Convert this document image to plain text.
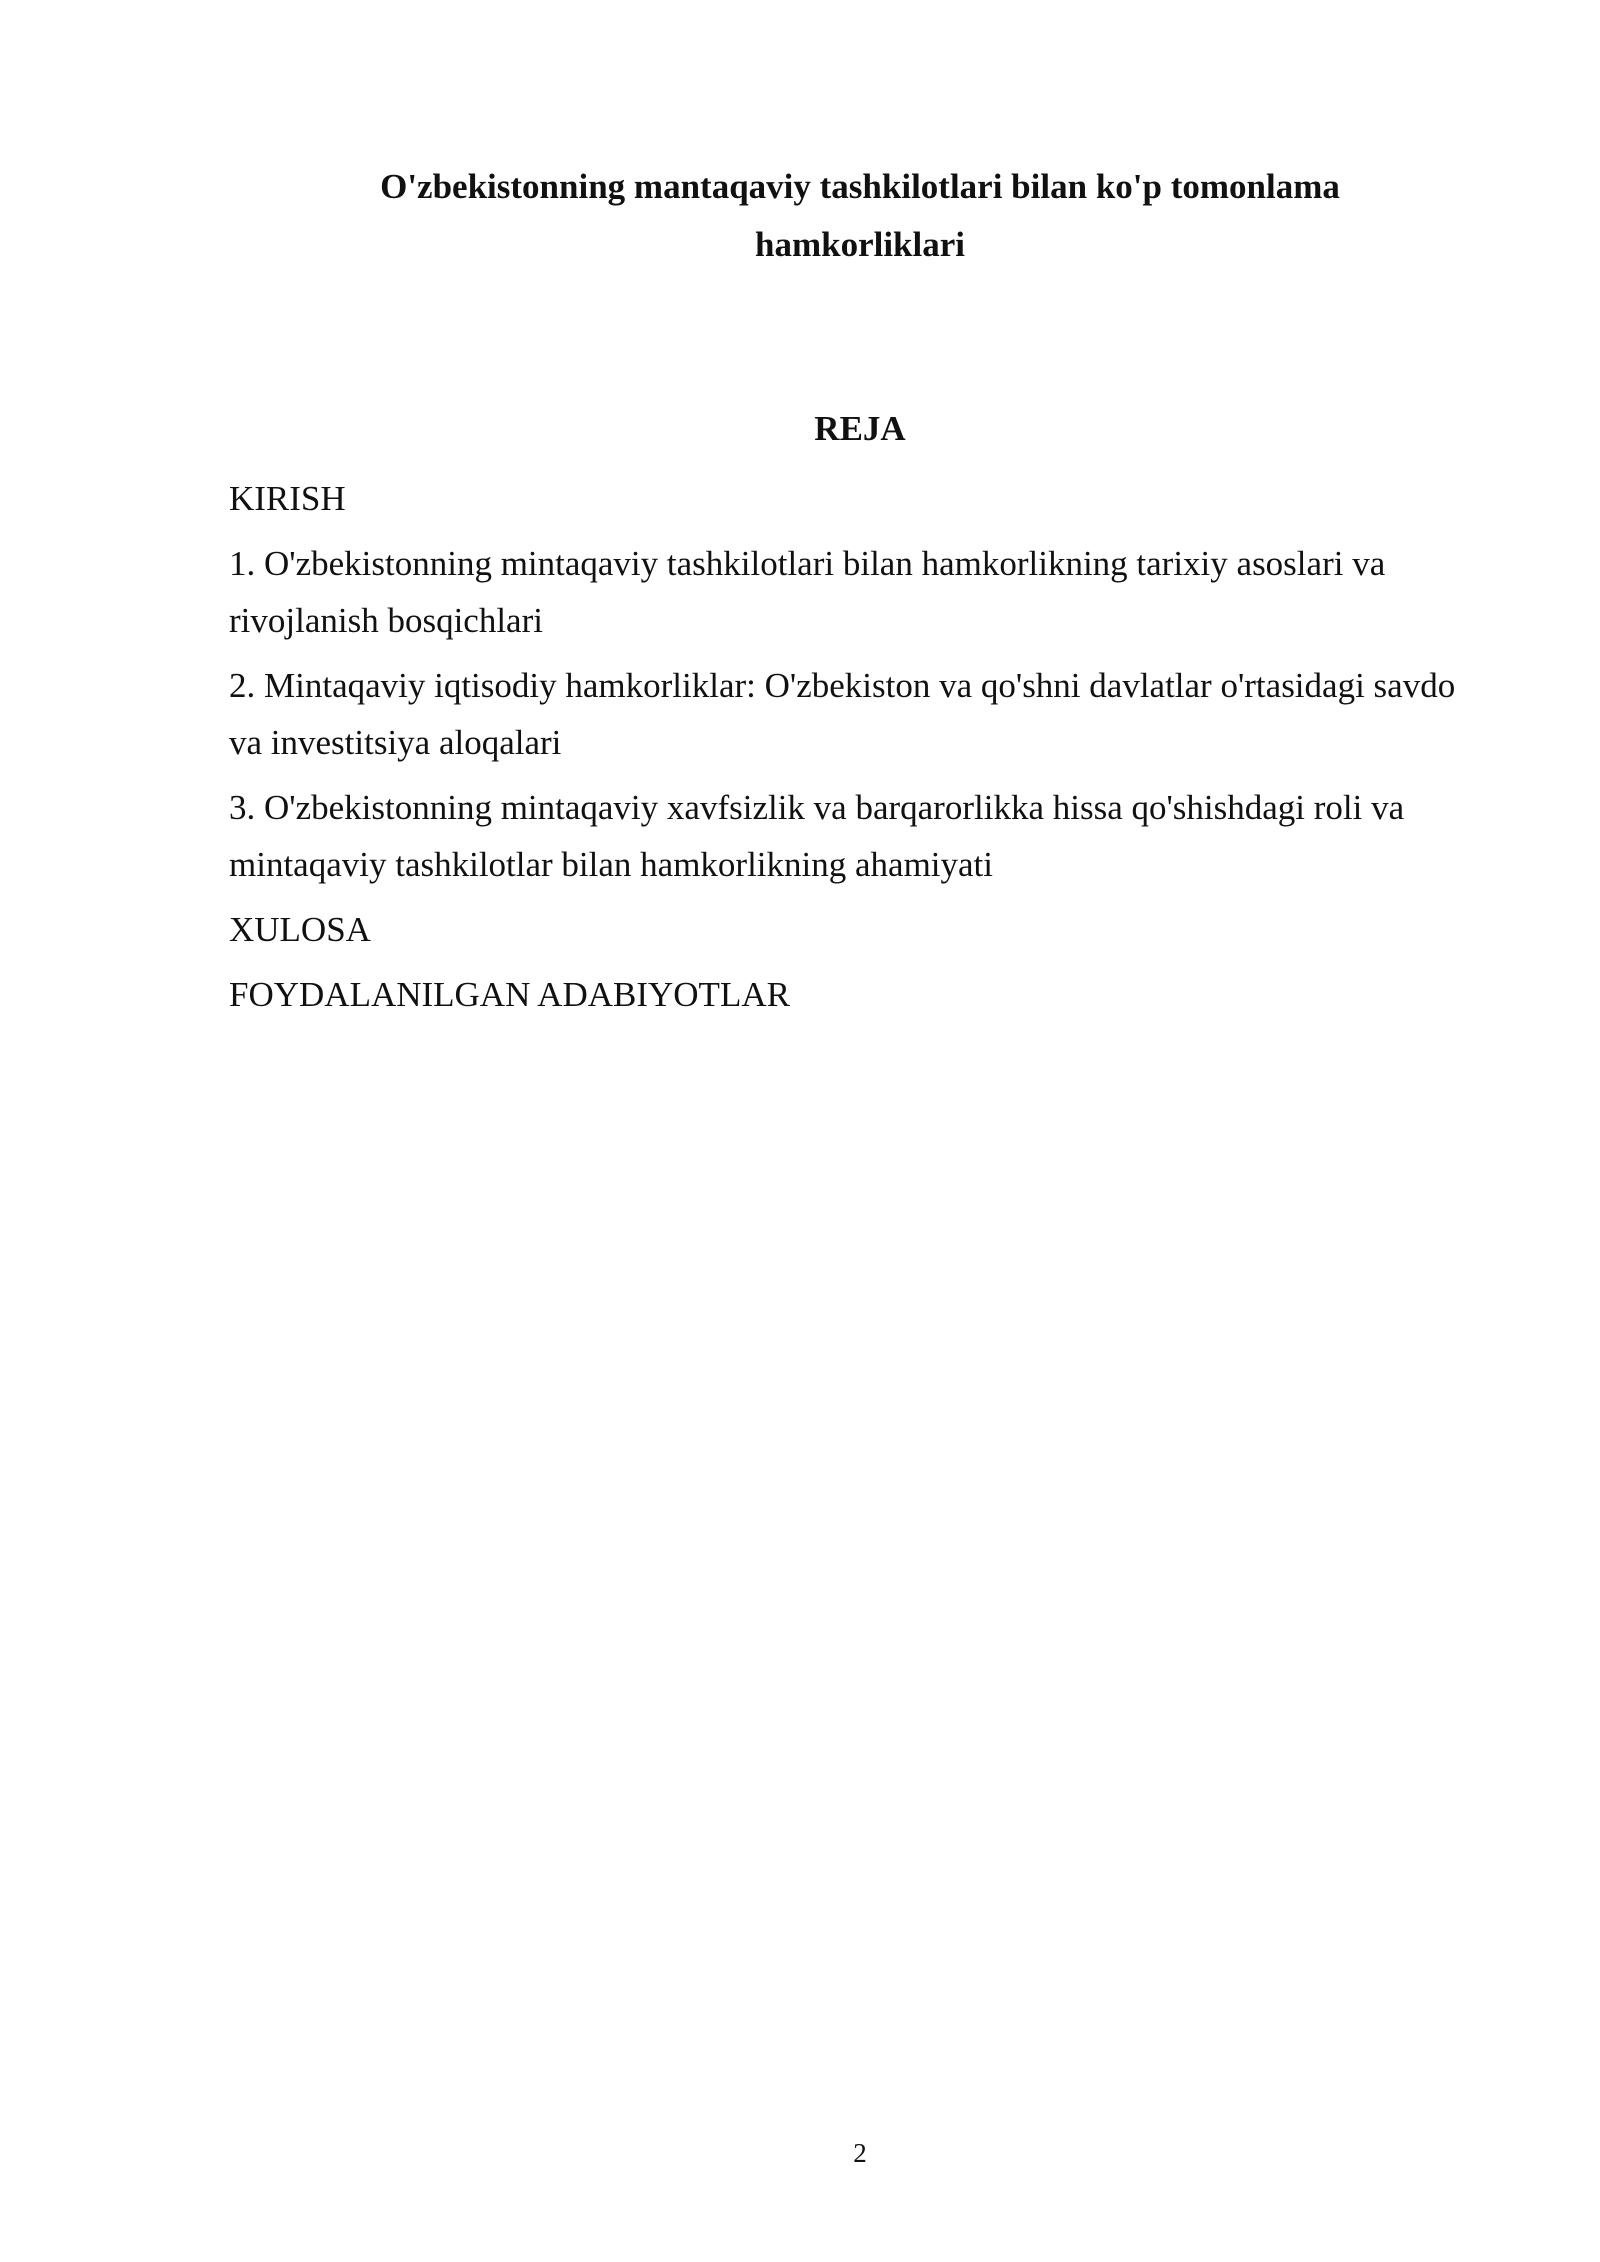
O'zbekistonning mantaqaviy tashkilotlari bilan ko'p tomonlama
hamkorliklari
REJA
KIRISH
1. O'zbekistonning mintaqaviy tashkilotlari bilan hamkorlikning tarixiy asoslari va rivojlanish bosqichlari
2. Mintaqaviy iqtisodiy hamkorliklar: O'zbekiston va qo'shni davlatlar o'rtasidagi savdo va investitsiya aloqalari
3. O'zbekistonning mintaqaviy xavfsizlik va barqarorlikka hissa qo'shishdagi roli va mintaqaviy tashkilotlar bilan hamkorlikning ahamiyati
XULOSA
FOYDALANILGAN ADABIYOTLAR
2
